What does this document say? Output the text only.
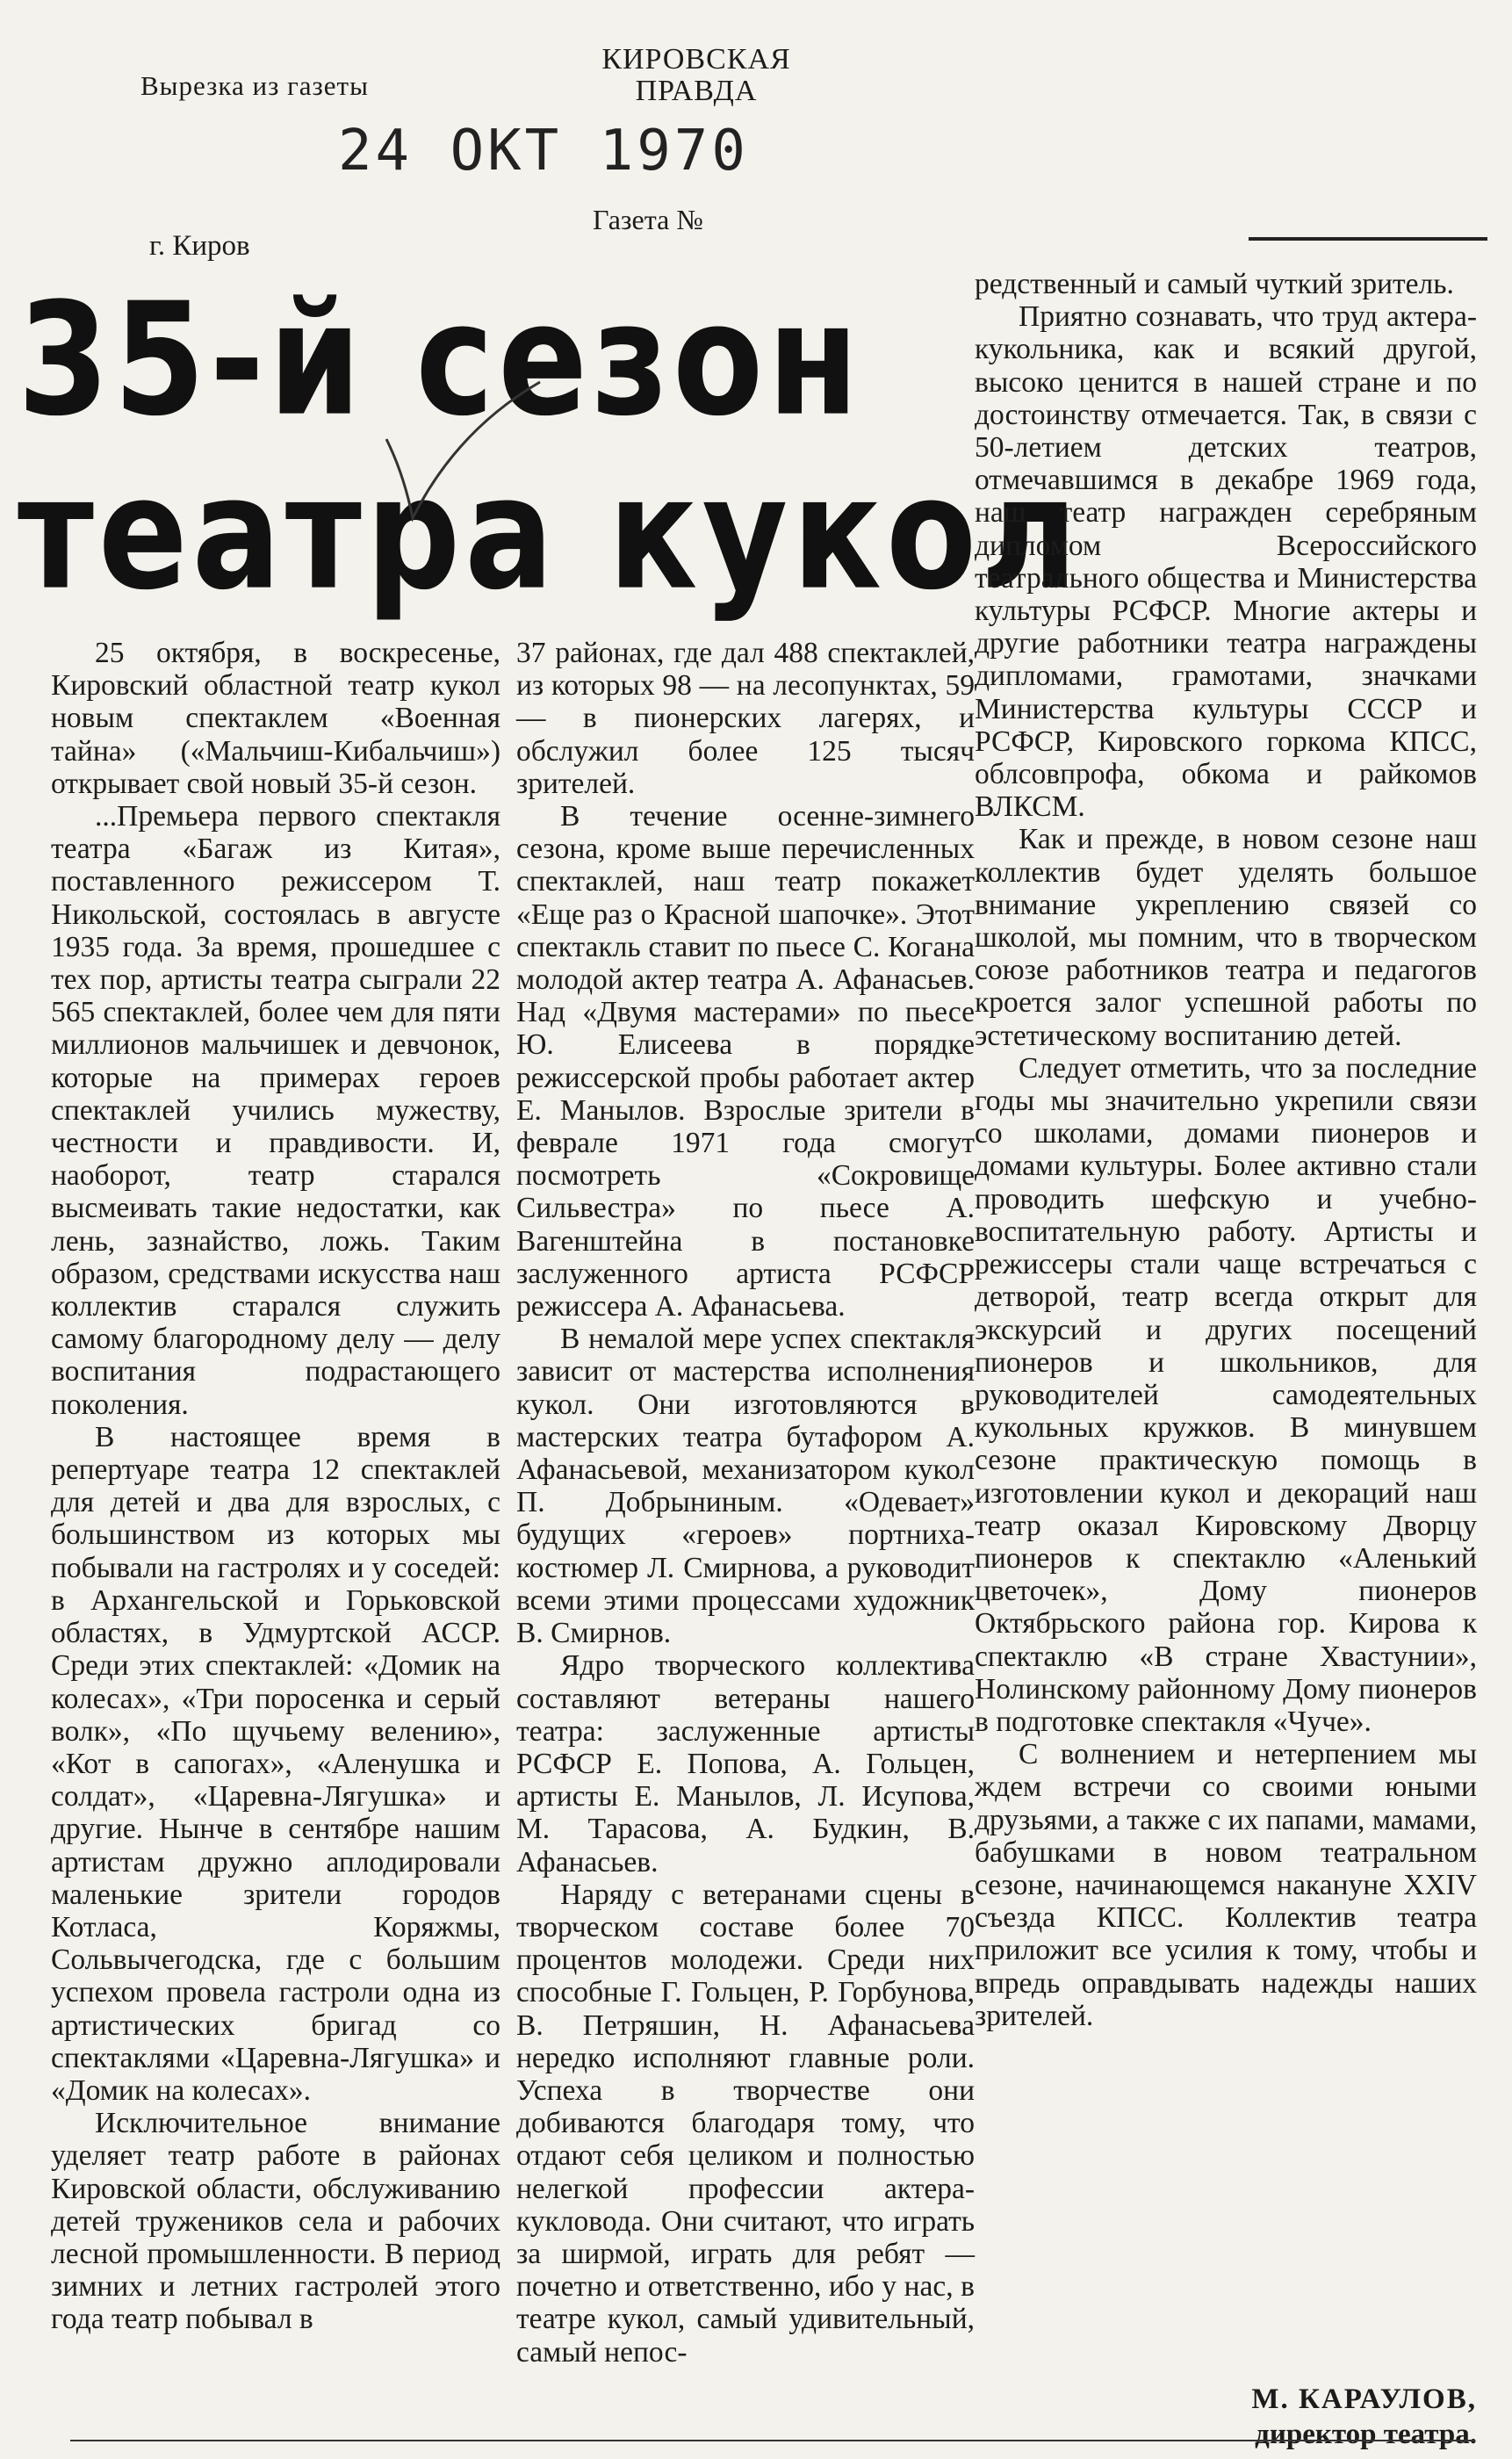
Вырезка из газеты
КИРОВСКАЯ ПРАВДА
24 ОКТ 1970
Газета №
г. Киров
35-й сезон
театра кукол

25 октября, в воскресенье, Кировский областной театр кукол новым спектаклем «Военная тайна» («Мальчиш-Кибальчиш») открывает свой новый 35-й сезон.

...Премьера первого спектакля театра «Багаж из Китая», поставленного режиссером Т. Никольской, состоялась в августе 1935 года. За время, прошедшее с тех пор, артисты театра сыграли 22 565 спектаклей, более чем для пяти миллионов мальчишек и девчонок, которые на примерах героев спектаклей учились мужеству, честности и правдивости. И, наоборот, театр старался высмеивать такие недостатки, как лень, зазнайство, ложь. Таким образом, средствами искусства наш коллектив старался служить самому благородному делу — делу воспитания подрастающего поколения.

В настоящее время в репертуаре театра 12 спектаклей для детей и два для взрослых, с большинством из которых мы побывали на гастролях и у соседей: в Архангельской и Горьковской областях, в Удмуртской АССР. Среди этих спектаклей: «Домик на колесах», «Три поросенка и серый волк», «По щучьему велению», «Кот в сапогах», «Аленушка и солдат», «Царевна-Лягушка» и другие. Нынче в сентябре нашим артистам дружно аплодировали маленькие зрители городов Котласа, Коряжмы, Сольвычегодска, где с большим успехом провела гастроли одна из артистических бригад со спектаклями «Царевна-Лягушка» и «Домик на колесах».

Исключительное внимание уделяет театр работе в районах Кировской области, обслуживанию детей тружеников села и рабочих лесной промышленности. В период зимних и летних гастролей этого года театр побывал в

37 районах, где дал 488 спектаклей, из которых 98 — на лесопунктах, 59 — в пионерских лагерях, и обслужил более 125 тысяч зрителей.

В течение осенне-зимнего сезона, кроме выше перечисленных спектаклей, наш театр покажет «Еще раз о Красной шапочке». Этот спектакль ставит по пьесе С. Когана молодой актер театра А. Афанасьев. Над «Двумя мастерами» по пьесе Ю. Елисеева в порядке режиссерской пробы работает актер Е. Манылов. Взрослые зрители в феврале 1971 года смогут посмотреть «Сокровище Сильвестра» по пьесе А. Вагенштейна в постановке заслуженного артиста РСФСР режиссера А. Афанасьева.

В немалой мере успех спектакля зависит от мастерства исполнения кукол. Они изготовляются в мастерских театра бутафором А. Афанасьевой, механизатором кукол П. Добрыниным. «Одевает» будущих «героев» портниха-костюмер Л. Смирнова, а руководит всеми этими процессами художник В. Смирнов.

Ядро творческого коллектива составляют ветераны нашего театра: заслуженные артисты РСФСР Е. Попова, А. Гольцен, артисты Е. Манылов, Л. Исупова, М. Тарасова, А. Будкин, В. Афанасьев.

Наряду с ветеранами сцены в творческом составе более 70 процентов молодежи. Среди них способные Г. Гольцен, Р. Горбунова, В. Петряшин, Н. Афанасьева нередко исполняют главные роли. Успеха в творчестве они добиваются благодаря тому, что отдают себя целиком и полностью нелегкой профессии актера-кукловода. Они считают, что играть за ширмой, играть для ребят — почетно и ответственно, ибо у нас, в театре кукол, самый удивительный, самый непос-

редственный и самый чуткий зритель.

Приятно сознавать, что труд актера-кукольника, как и всякий другой, высоко ценится в нашей стране и по достоинству отмечается. Так, в связи с 50-летием детских театров, отмечавшимся в декабре 1969 года, наш театр награжден серебряным дипломом Всероссийского театрального общества и Министерства культуры РСФСР. Многие актеры и другие работники театра награждены дипломами, грамотами, значками Министерства культуры СССР и РСФСР, Кировского горкома КПСС, облсовпрофа, обкома и райкомов ВЛКСМ.

Как и прежде, в новом сезоне наш коллектив будет уделять большое внимание укреплению связей со школой, мы помним, что в творческом союзе работников театра и педагогов кроется залог успешной работы по эстетическому воспитанию детей.

Следует отметить, что за последние годы мы значительно укрепили связи со школами, домами пионеров и домами культуры. Более активно стали проводить шефскую и учебно-воспитательную работу. Артисты и режиссеры стали чаще встречаться с детворой, театр всегда открыт для экскурсий и других посещений пионеров и школьников, для руководителей самодеятельных кукольных кружков. В минувшем сезоне практическую помощь в изготовлении кукол и декораций наш театр оказал Кировскому Дворцу пионеров к спектаклю «Аленький цветочек», Дому пионеров Октябрьского района гор. Кирова к спектаклю «В стране Хвастунии», Нолинскому районному Дому пионеров в подготовке спектакля «Чуче».

С волнением и нетерпением мы ждем встречи со своими юными друзьями, а также с их папами, мамами, бабушками в новом театральном сезоне, начинающемся накануне XXIV съезда КПСС. Коллектив театра приложит все усилия к тому, чтобы и впредь оправдывать надежды наших зрителей.

М. КАРАУЛОВ,
директор театра.
